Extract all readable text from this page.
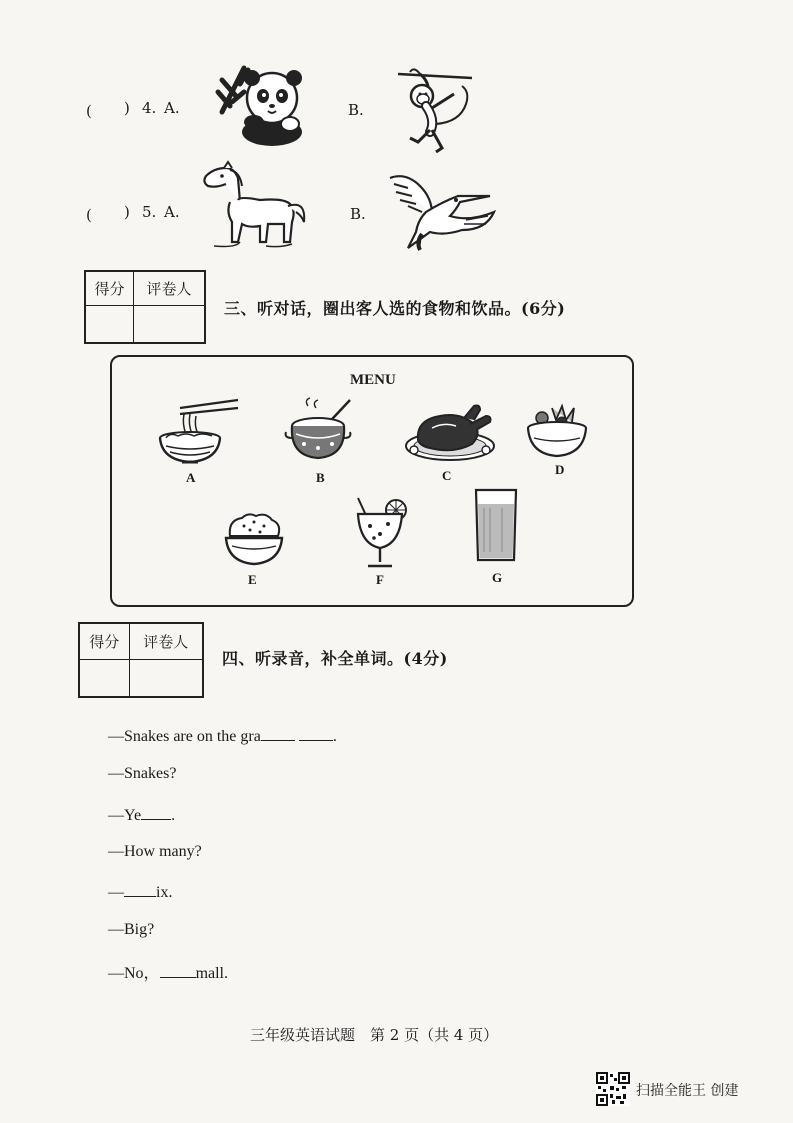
( ) 4. A.	B.
( ) 5. A.	B.
得分	评卷人

三、听对话，圈出客人选的食物和饮品。(6分)
MENU
A	B	C	D
E	F	G
得分	评卷人

四、听录音，补全单词。(4分)
—Snakes are on the gra	.
—Snakes?
—Ye .
—How many?
— ix.
—Big?
—No， mall.
三年级英语试题　第 2 页（共 4 页）
扫描全能王 创建
